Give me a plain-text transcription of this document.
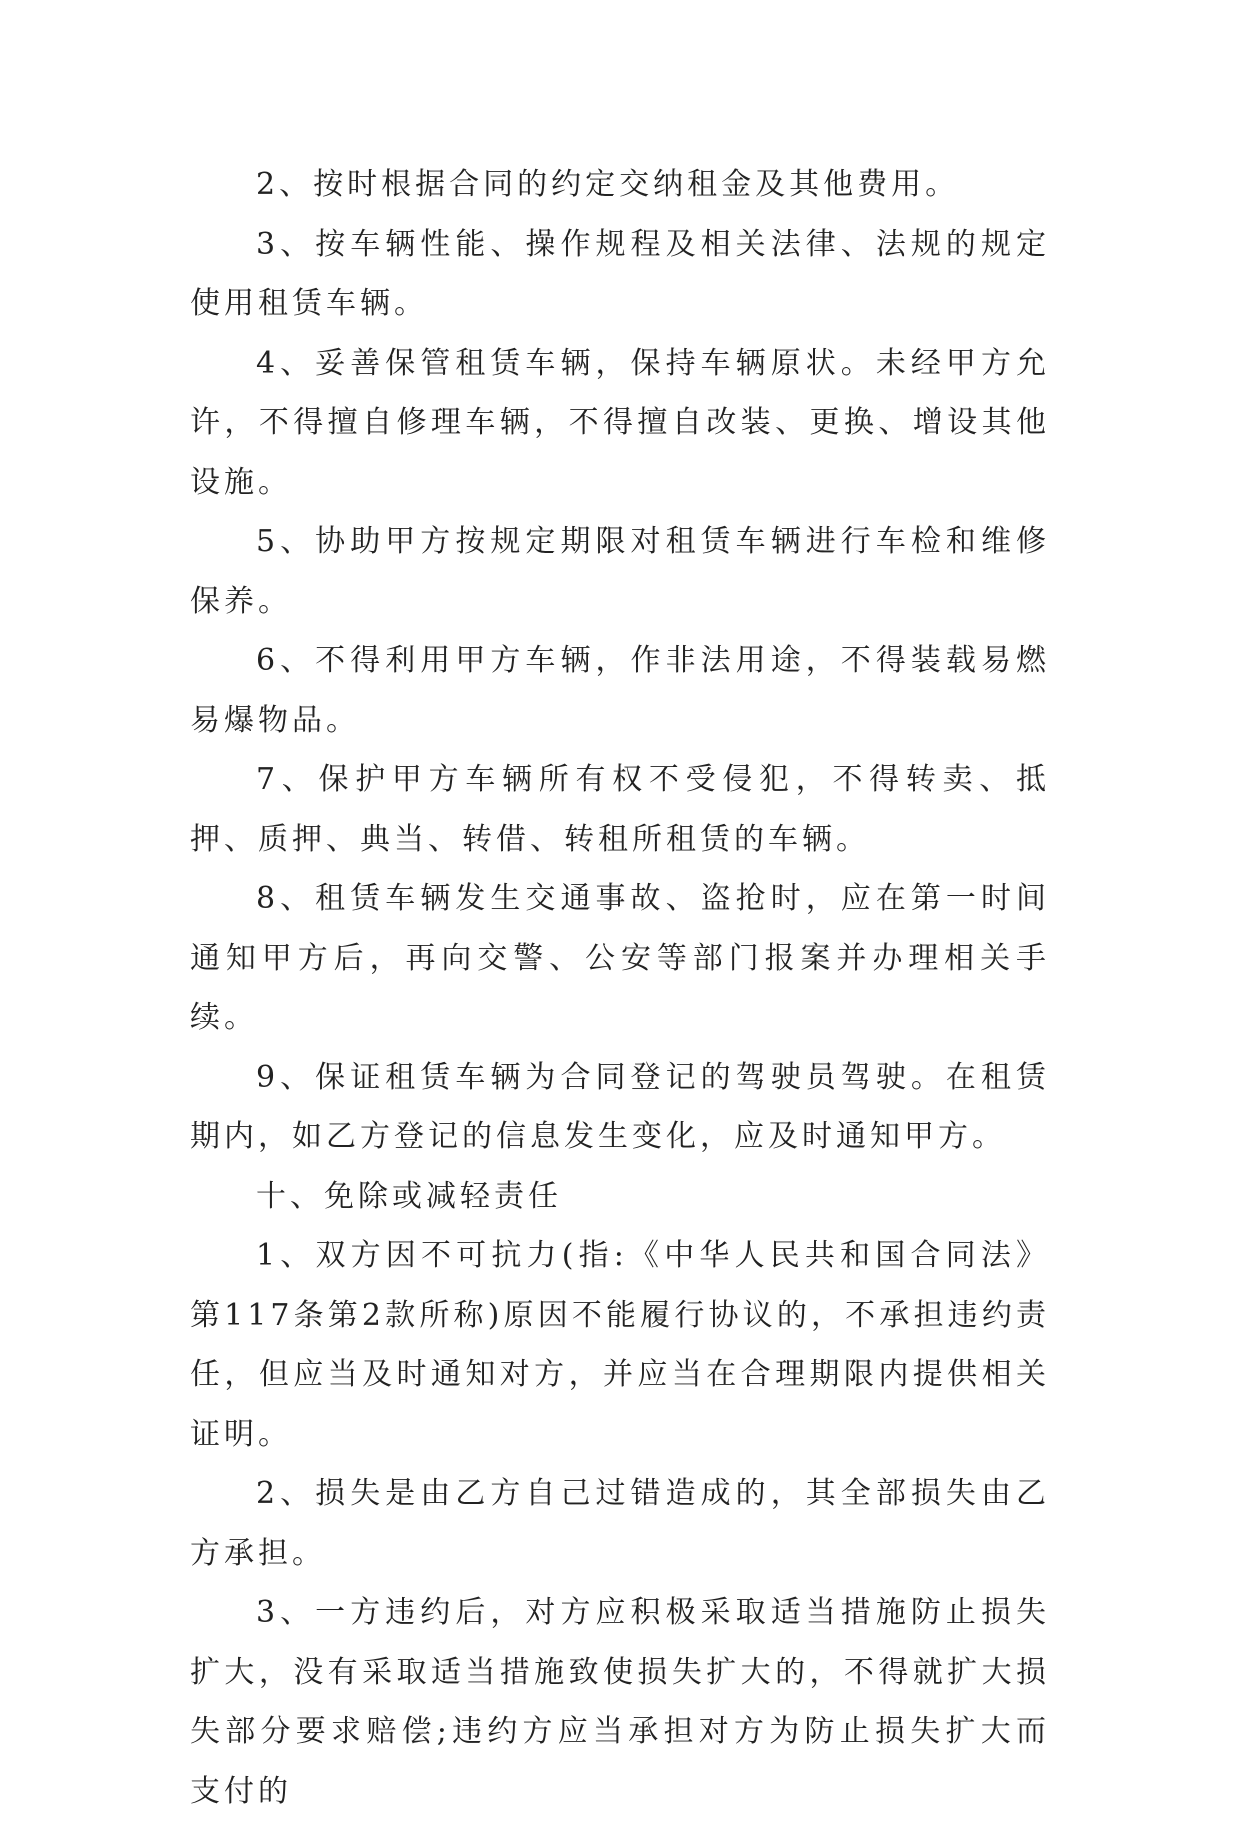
2、按时根据合同的约定交纳租金及其他费用。

3、按车辆性能、操作规程及相关法律、法规的规定使用租赁车辆。

4、妥善保管租赁车辆，保持车辆原状。未经甲方允许，不得擅自修理车辆，不得擅自改装、更换、增设其他设施。

5、协助甲方按规定期限对租赁车辆进行车检和维修保养。

6、不得利用甲方车辆，作非法用途，不得装载易燃易爆物品。

7、保护甲方车辆所有权不受侵犯，不得转卖、抵押、质押、典当、转借、转租所租赁的车辆。

8、租赁车辆发生交通事故、盗抢时，应在第一时间通知甲方后，再向交警、公安等部门报案并办理相关手续。

9、保证租赁车辆为合同登记的驾驶员驾驶。在租赁期内，如乙方登记的信息发生变化，应及时通知甲方。

十、免除或减轻责任

1、双方因不可抗力(指:《中华人民共和国合同法》第117条第2款所称)原因不能履行协议的，不承担违约责任，但应当及时通知对方，并应当在合理期限内提供相关证明。

2、损失是由乙方自己过错造成的，其全部损失由乙方承担。

3、一方违约后，对方应积极采取适当措施防止损失扩大，没有采取适当措施致使损失扩大的，不得就扩大损失部分要求赔偿;违约方应当承担对方为防止损失扩大而支付的
